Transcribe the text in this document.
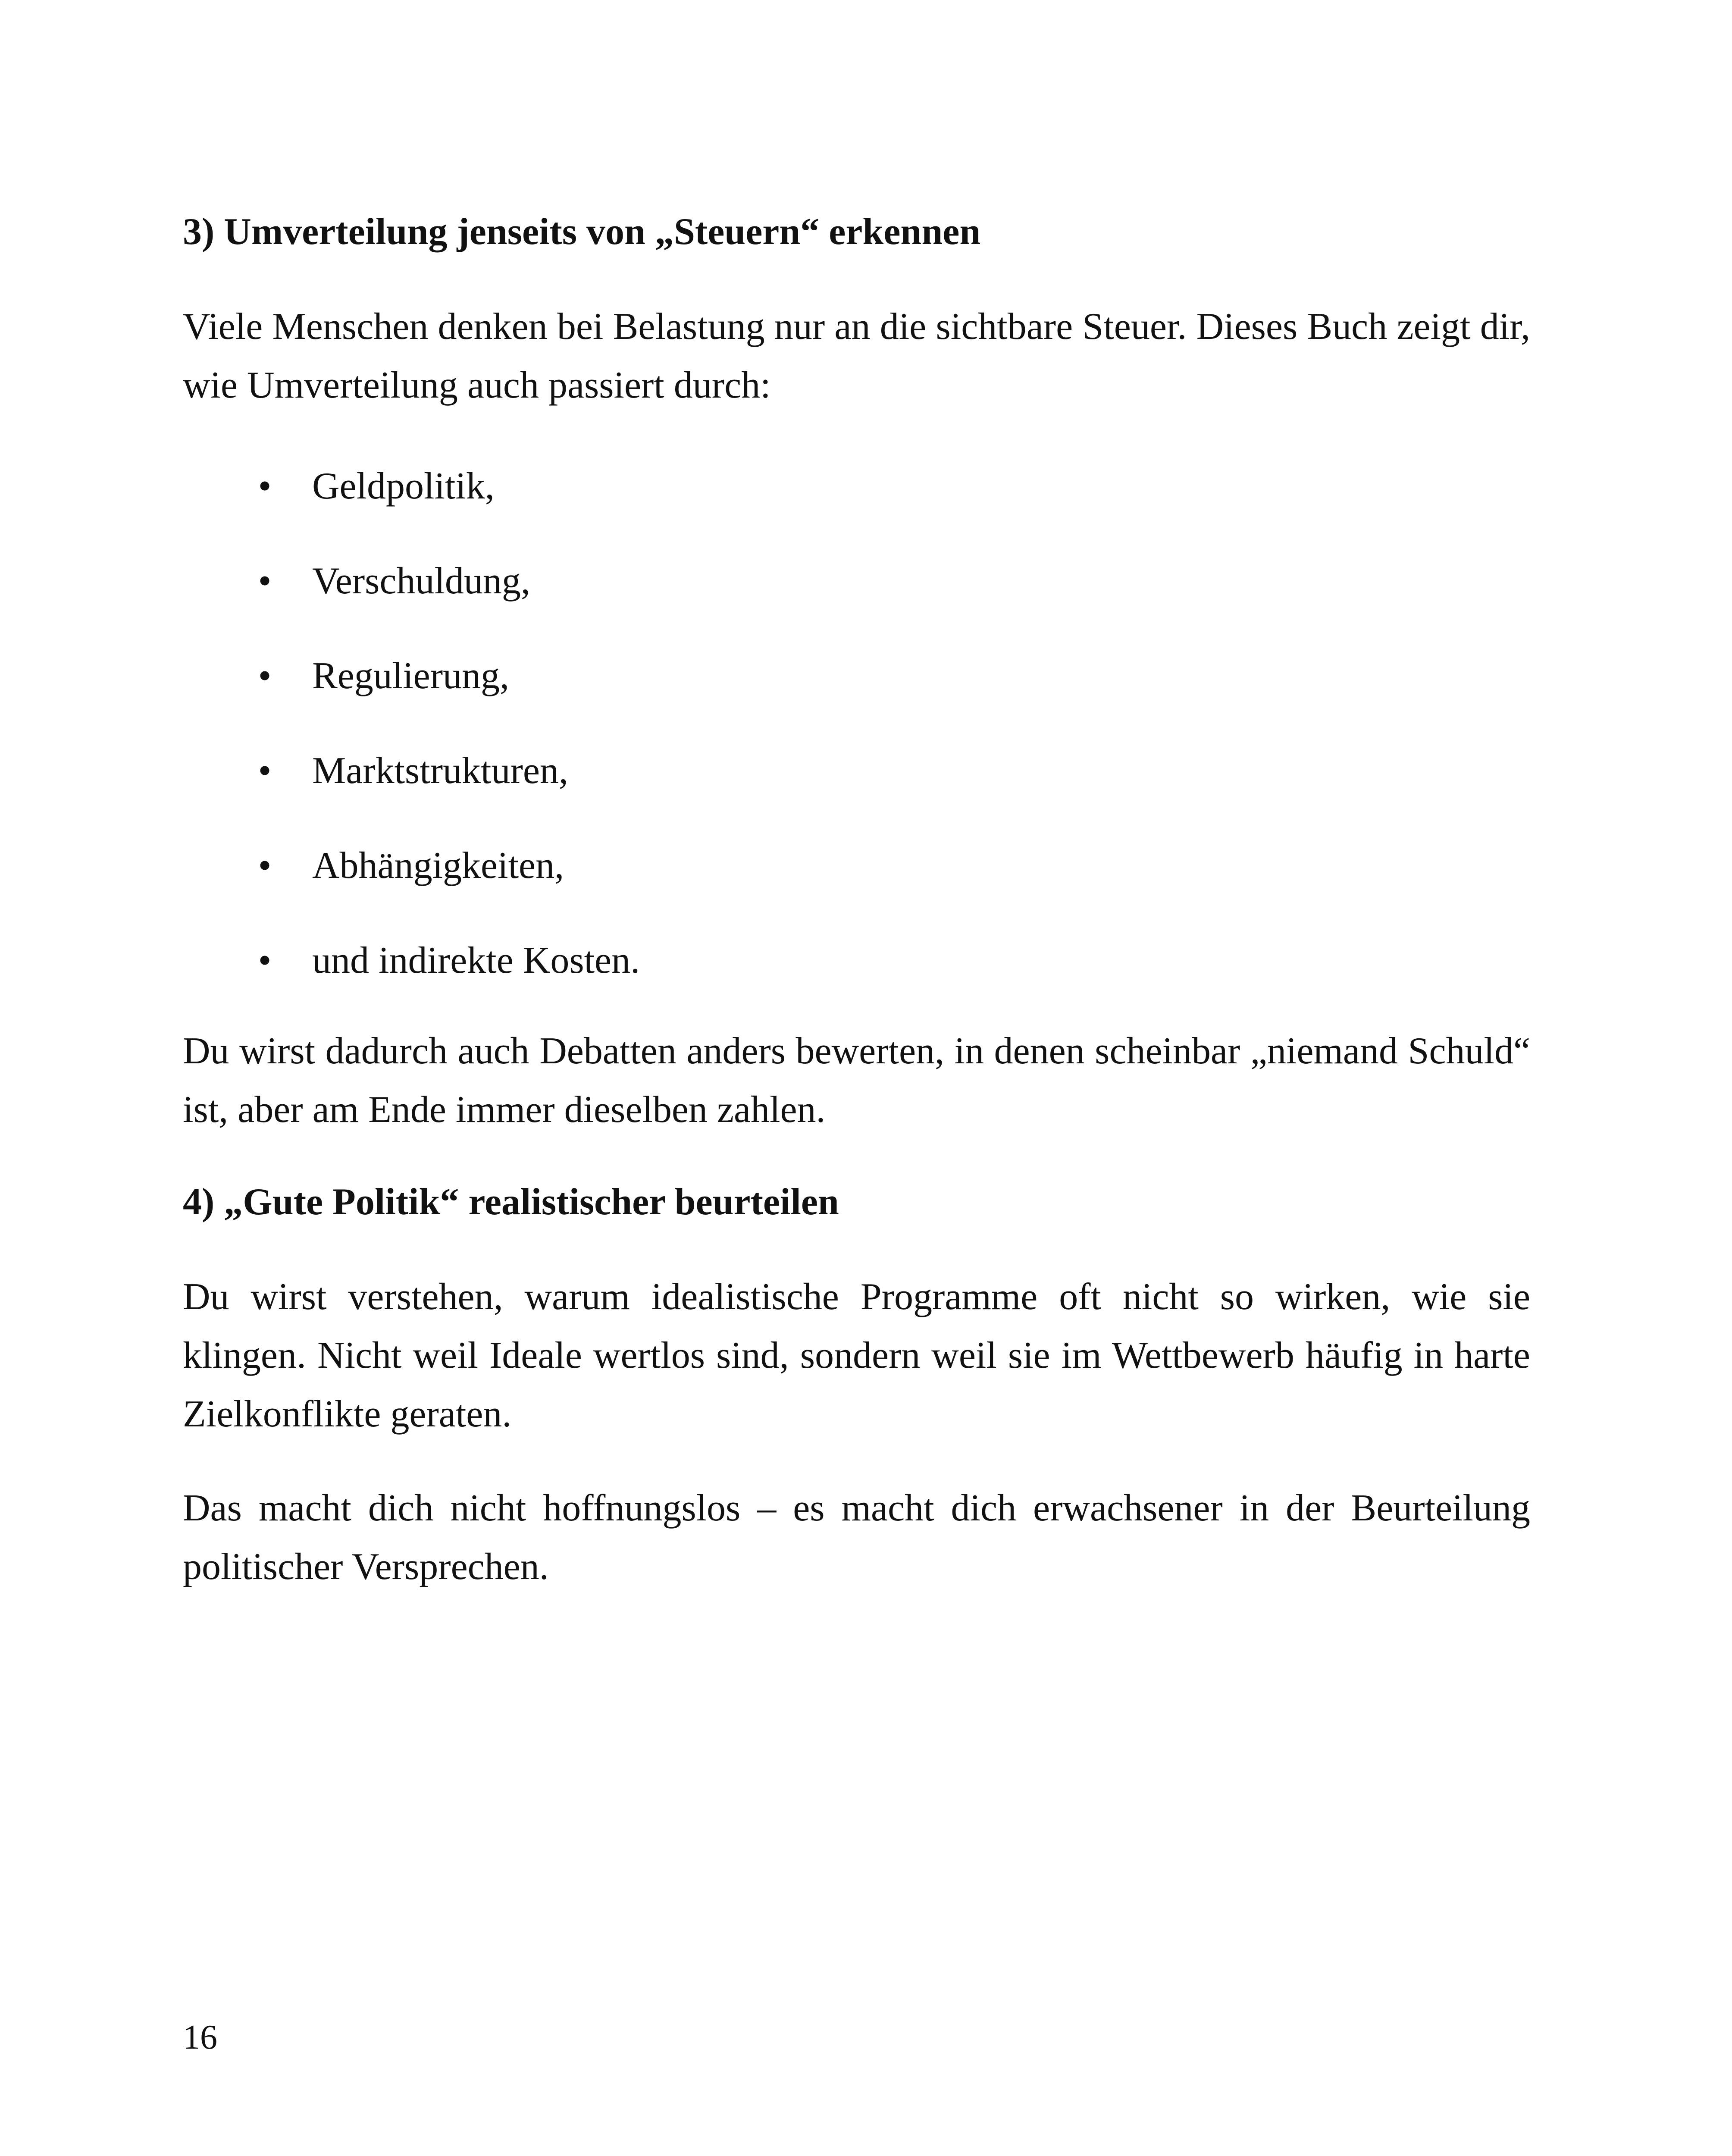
3) Umverteilung jenseits von „Steuern“ erkennen

Viele Menschen denken bei Belastung nur an die sichtbare Steuer. Dieses Buch zeigt dir, wie Umverteilung auch passiert durch:

• Geldpolitik,
• Verschuldung,
• Regulierung,
• Marktstrukturen,
• Abhängigkeiten,
• und indirekte Kosten.

Du wirst dadurch auch Debatten anders bewerten, in denen scheinbar „niemand Schuld“ ist, aber am Ende immer dieselben zahlen.

4) „Gute Politik“ realistischer beurteilen

Du wirst verstehen, warum idealistische Programme oft nicht so wirken, wie sie klingen. Nicht weil Ideale wertlos sind, sondern weil sie im Wettbewerb häufig in harte Zielkonflikte geraten.

Das macht dich nicht hoffnungslos – es macht dich erwachsener in der Beurteilung politischer Versprechen.

16
